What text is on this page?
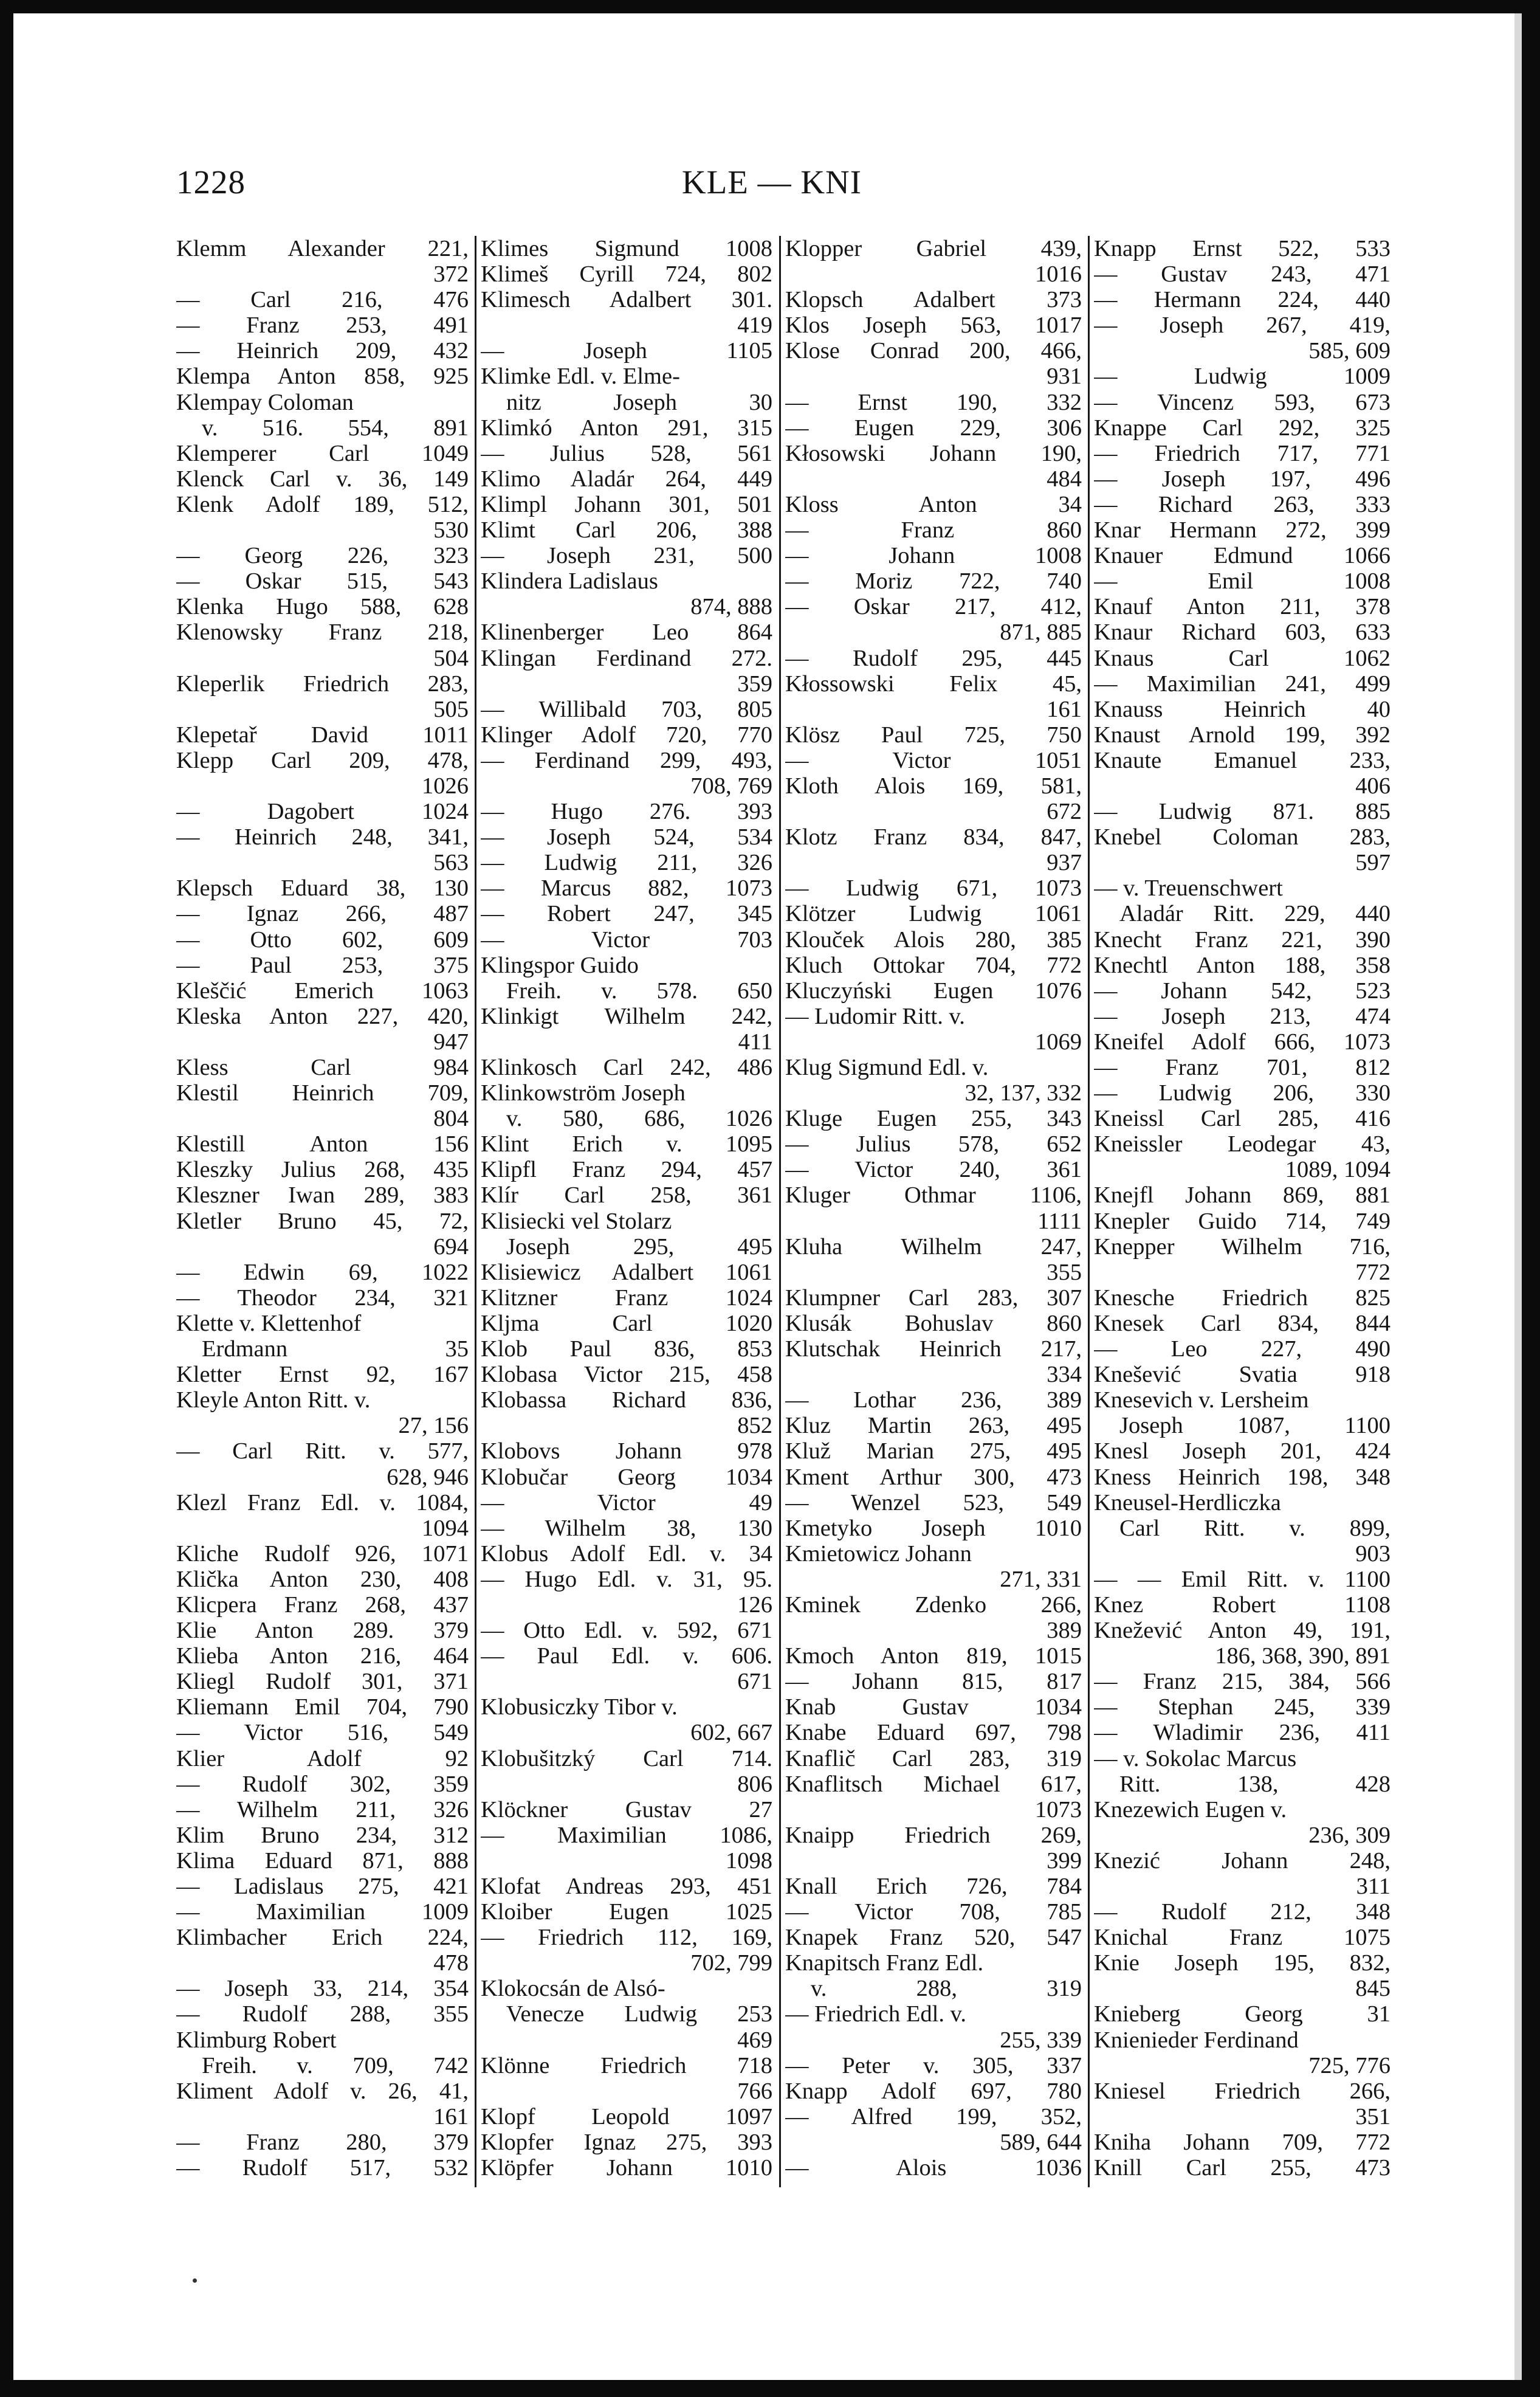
1228	KLE — KNI
Klemm Alexander 221,
372
— Carl 216, 476
— Franz 253, 491
— Heinrich 209, 432
Klempa Anton 858, 925
Klempay Coloman
v. 516. 554, 891
Klemperer Carl 1049
Klenck Carl v. 36, 149
Klenk Adolf 189, 512,
530
— Georg 226, 323
— Oskar 515, 543
Klenka Hugo 588, 628
Klenowsky Franz 218,
504
Kleperlik Friedrich 283,
505
Klepetař David 1011
Klepp Carl 209, 478,
1026
— Dagobert 1024
— Heinrich 248, 341,
563
Klepsch Eduard 38, 130
— Ignaz 266, 487
— Otto 602, 609
— Paul 253, 375
Kleščić Emerich 1063
Kleska Anton 227, 420,
947
Kless Carl 984
Klestil Heinrich 709,
804
Klestill Anton 156
Kleszky Julius 268, 435
Kleszner Iwan 289, 383
Kletler Bruno 45, 72,
694
— Edwin 69, 1022
— Theodor 234, 321
Klette v. Klettenhof
Erdmann 35
Kletter Ernst 92, 167
Kleyle Anton Ritt. v.
27, 156
— Carl Ritt. v. 577,
628, 946
Klezl Franz Edl. v. 1084,
1094
Kliche Rudolf 926, 1071
Klička Anton 230, 408
Klicpera Franz 268, 437
Klie Anton 289. 379
Klieba Anton 216, 464
Kliegl Rudolf 301, 371
Kliemann Emil 704, 790
— Victor 516, 549
Klier Adolf 92
— Rudolf 302, 359
— Wilhelm 211, 326
Klim Bruno 234, 312
Klima Eduard 871, 888
— Ladislaus 275, 421
— Maximilian 1009
Klimbacher Erich 224,
478
— Joseph 33, 214, 354
— Rudolf 288, 355
Klimburg Robert
Freih. v. 709, 742
Kliment Adolf v. 26, 41,
161
— Franz 280, 379
— Rudolf 517, 532
Klimes Sigmund 1008
Klimeš Cyrill 724, 802
Klimesch Adalbert 301.
419
— Joseph 1105
Klimke Edl. v. Elme-
nitz Joseph 30
Klimkó Anton 291, 315
— Julius 528, 561
Klimo Aladár 264, 449
Klimpl Johann 301, 501
Klimt Carl 206, 388
— Joseph 231, 500
Klindera Ladislaus
874, 888
Klinenberger Leo 864
Klingan Ferdinand 272.
359
— Willibald 703, 805
Klinger Adolf 720, 770
— Ferdinand 299, 493,
708, 769
— Hugo 276. 393
— Joseph 524, 534
— Ludwig 211, 326
— Marcus 882, 1073
— Robert 247, 345
— Victor 703
Klingspor Guido
Freih. v. 578. 650
Klinkigt Wilhelm 242,
411
Klinkosch Carl 242, 486
Klinkowström Joseph
v. 580, 686, 1026
Klint Erich v. 1095
Klipfl Franz 294, 457
Klír Carl 258, 361
Klisiecki vel Stolarz
Joseph 295, 495
Klisiewicz Adalbert 1061
Klitzner Franz 1024
Kljma Carl 1020
Klob Paul 836, 853
Klobasa Victor 215, 458
Klobassa Richard 836,
852
Klobovs Johann 978
Klobučar Georg 1034
— Victor 49
— Wilhelm 38, 130
Klobus Adolf Edl. v. 34
— Hugo Edl. v. 31, 95.
126
— Otto Edl. v. 592, 671
— Paul Edl. v. 606.
671
Klobusiczky Tibor v.
602, 667
Klobušitzký Carl 714.
806
Klöckner Gustav 27
— Maximilian 1086,
1098
Klofat Andreas 293, 451
Kloiber Eugen 1025
— Friedrich 112, 169,
702, 799
Klokocsán de Alsó-
Venecze Ludwig 253
469
Klönne Friedrich 718
766
Klopf Leopold 1097
Klopfer Ignaz 275, 393
Klöpfer Johann 1010
Klopper Gabriel 439,
1016
Klopsch Adalbert 373
Klos Joseph 563, 1017
Klose Conrad 200, 466,
931
— Ernst 190, 332
— Eugen 229, 306
Kłosowski Johann 190,
484
Kloss Anton 34
— Franz 860
— Johann 1008
— Moriz 722, 740
— Oskar 217, 412,
871, 885
— Rudolf 295, 445
Kłossowski Felix 45,
161
Klösz Paul 725, 750
— Victor 1051
Kloth Alois 169, 581,
672
Klotz Franz 834, 847,
937
— Ludwig 671, 1073
Klötzer Ludwig 1061
Klouček Alois 280, 385
Kluch Ottokar 704, 772
Kluczyński Eugen 1076
— Ludomir Ritt. v.
1069
Klug Sigmund Edl. v.
32, 137, 332
Kluge Eugen 255, 343
— Julius 578, 652
— Victor 240, 361
Kluger Othmar 1106,
1111
Kluha Wilhelm 247,
355
Klumpner Carl 283, 307
Klusák Bohuslav 860
Klutschak Heinrich 217,
334
— Lothar 236, 389
Kluz Martin 263, 495
Kluž Marian 275, 495
Kment Arthur 300, 473
— Wenzel 523, 549
Kmetyko Joseph 1010
Kmietowicz Johann
271, 331
Kminek Zdenko 266,
389
Kmoch Anton 819, 1015
— Johann 815, 817
Knab Gustav 1034
Knabe Eduard 697, 798
Knaflič Carl 283, 319
Knaflitsch Michael 617,
1073
Knaipp Friedrich 269,
399
Knall Erich 726, 784
— Victor 708, 785
Knapek Franz 520, 547
Knapitsch Franz Edl.
v. 288, 319
— Friedrich Edl. v.
255, 339
— Peter v. 305, 337
Knapp Adolf 697, 780
— Alfred 199, 352,
589, 644
— Alois 1036
Knapp Ernst 522, 533
— Gustav 243, 471
— Hermann 224, 440
— Joseph 267, 419,
585, 609
— Ludwig 1009
— Vincenz 593, 673
Knappe Carl 292, 325
— Friedrich 717, 771
— Joseph 197, 496
— Richard 263, 333
Knar Hermann 272, 399
Knauer Edmund 1066
— Emil 1008
Knauf Anton 211, 378
Knaur Richard 603, 633
Knaus Carl 1062
— Maximilian 241, 499
Knauss Heinrich 40
Knaust Arnold 199, 392
Knaute Emanuel 233,
406
— Ludwig 871. 885
Knebel Coloman 283,
597
— v. Treuenschwert
Aladár Ritt. 229, 440
Knecht Franz 221, 390
Knechtl Anton 188, 358
— Johann 542, 523
— Joseph 213, 474
Kneifel Adolf 666, 1073
— Franz 701, 812
— Ludwig 206, 330
Kneissl Carl 285, 416
Kneissler Leodegar 43,
1089, 1094
Knejfl Johann 869, 881
Knepler Guido 714, 749
Knepper Wilhelm 716,
772
Knesche Friedrich 825
Knesek Carl 834, 844
— Leo 227, 490
Knešević Svatia 918
Knesevich v. Lersheim
Joseph 1087, 1100
Knesl Joseph 201, 424
Kness Heinrich 198, 348
Kneusel-Herdliczka
Carl Ritt. v. 899,
903
— — Emil Ritt. v. 1100
Knez Robert 1108
Knežević Anton 49, 191,
186, 368, 390, 891
— Franz 215, 384, 566
— Stephan 245, 339
— Wladimir 236, 411
— v. Sokolac Marcus
Ritt. 138, 428
Knezewich Eugen v.
236, 309
Knezić Johann 248,
311
— Rudolf 212, 348
Knichal Franz 1075
Knie Joseph 195, 832,
845
Knieberg Georg 31
Knienieder Ferdinand
725, 776
Kniesel Friedrich 266,
351
Kniha Johann 709, 772
Knill Carl 255, 473
